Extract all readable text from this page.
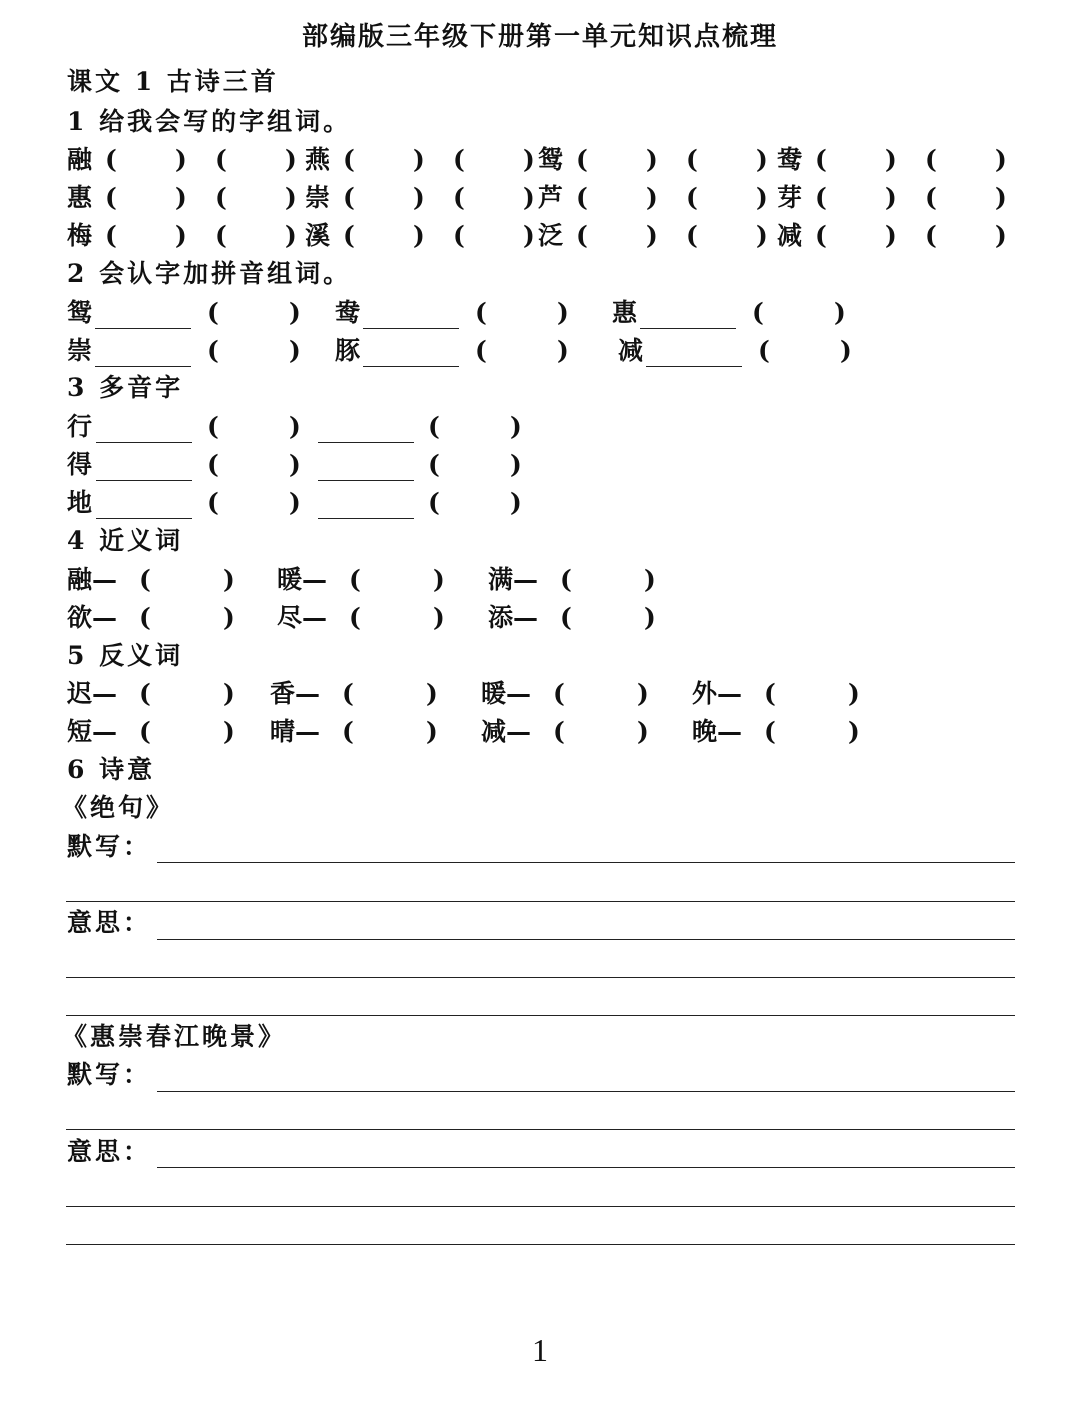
部编版三年级下册第一单元知识点梳理
课文 1 古诗三首
1 给我会写的字组词。
融 ( ) ( ) 燕 ( ) ( ) 鸳 ( ) ( ) 鸯 ( ) ( )
惠 ( ) ( ) 崇 ( ) ( ) 芦 ( ) ( ) 芽 ( ) ( )
梅 ( ) ( ) 溪 ( ) ( ) 泛 ( ) ( ) 减 ( ) ( )
2 会认字加拼音组词。
鸳	(	) 鸯	(	) 惠	(	)
崇	(	) 豚	(	) 减	(	)
3 多音字
行	(	)	(	)
得	(	)	(	)
地	(	)	(	)
4 近义词
融— (	) 暖— (	) 满— (	)
欲— (	) 尽— (	) 添— (	)
5 反义词
迟— (	) 香— (	) 暖— (	) 外— (	)
短— (	) 晴— (	) 减— (	) 晚— (	)
6 诗意
《绝句》
默写：
意思：
《惠崇春江晚景》
默写：
意思：
1
